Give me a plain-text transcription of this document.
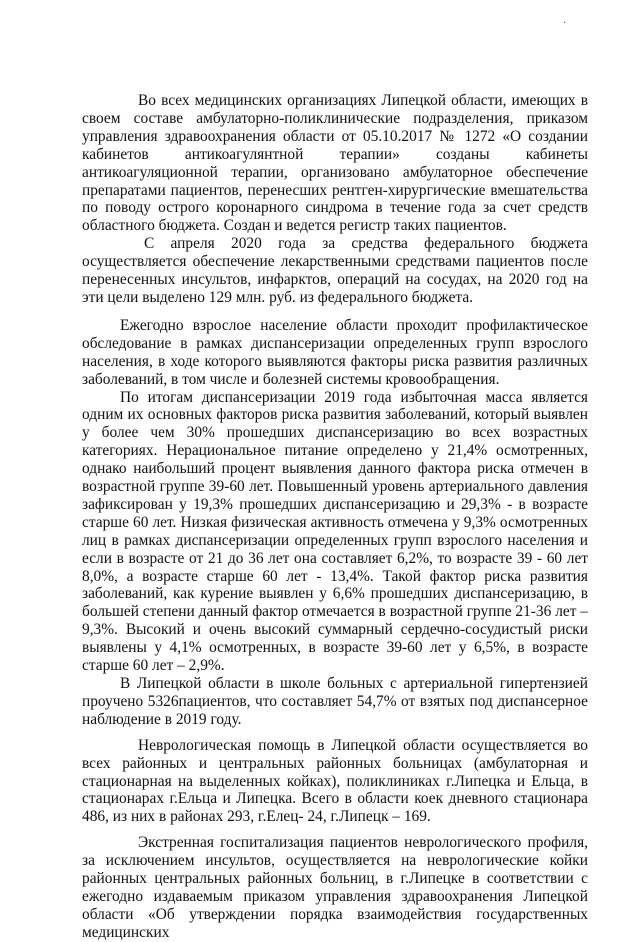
·

Во всех медицинских организациях Липецкой области, имеющих в своем составе амбулаторно-поликлинические подразделения, приказом управления здравоохранения области от 05.10.2017 № 1272 «О создании кабинетов антикоагулянтной терапии» созданы кабинеты антикоагуляционной терапии, организовано амбулаторное обеспечение препаратами пациентов, перенесших рентген-хирургические вмешательства по поводу острого коронарного синдрома в течение года за счет средств областного бюджета. Создан и ведется регистр таких пациентов.

С апреля 2020 года за средства федерального бюджета осуществляется обеспечение лекарственными средствами пациентов после перенесенных инсультов, инфарктов, операций на сосудах, на 2020 год на эти цели выделено 129 млн. руб. из федерального бюджета.

Ежегодно взрослое население области проходит профилактическое обследование в рамках диспансеризации определенных групп взрослого населения, в ходе которого выявляются факторы риска развития различных заболеваний, в том числе и болезней системы кровообращения.

По итогам диспансеризации 2019 года избыточная масса является одним их основных факторов риска развития заболеваний, который выявлен у более чем 30% прошедших диспансеризацию во всех возрастных категориях. Нерациональное питание определено у 21,4% осмотренных, однако наибольший процент выявления данного фактора риска отмечен в возрастной группе 39-60 лет. Повышенный уровень артериального давления зафиксирован у 19,3% прошедших диспансеризацию и 29,3% - в возрасте старше 60 лет. Низкая физическая активность отмечена у 9,3% осмотренных лиц в рамках диспансеризации определенных групп взрослого населения и если в возрасте от 21 до 36 лет она составляет 6,2%, то возрасте 39 - 60 лет 8,0%, а возрасте старше 60 лет - 13,4%. Такой фактор риска развития заболеваний, как курение выявлен у 6,6% прошедших диспансеризацию, в большей степени данный фактор отмечается в возрастной группе 21-36 лет – 9,3%. Высокий и очень высокий суммарный сердечно-сосудистый риски выявлены у 4,1% осмотренных, в возрасте 39-60 лет у 6,5%, в возрасте старше 60 лет – 2,9%.

В Липецкой области в школе больных с артериальной гипертензией проучено 5326пациентов, что составляет 54,7% от взятых под диспансерное наблюдение в 2019 году.

Неврологическая помощь в Липецкой области осуществляется во всех районных и центральных районных больницах (амбулаторная и стационарная на выделенных койках), поликлиниках г.Липецка и Ельца, в стационарах г.Ельца и Липецка. Всего в области коек дневного стационара 486, из них в районах 293, г.Елец- 24, г.Липецк – 169.

Экстренная госпитализация пациентов неврологического профиля, за исключением инсультов, осуществляется на неврологические койки районных центральных районных больниц, в г.Липецке в соответствии с ежегодно издаваемым приказом управления здравоохранения Липецкой области «Об утверждении порядка взаимодействия государственных медицинских
